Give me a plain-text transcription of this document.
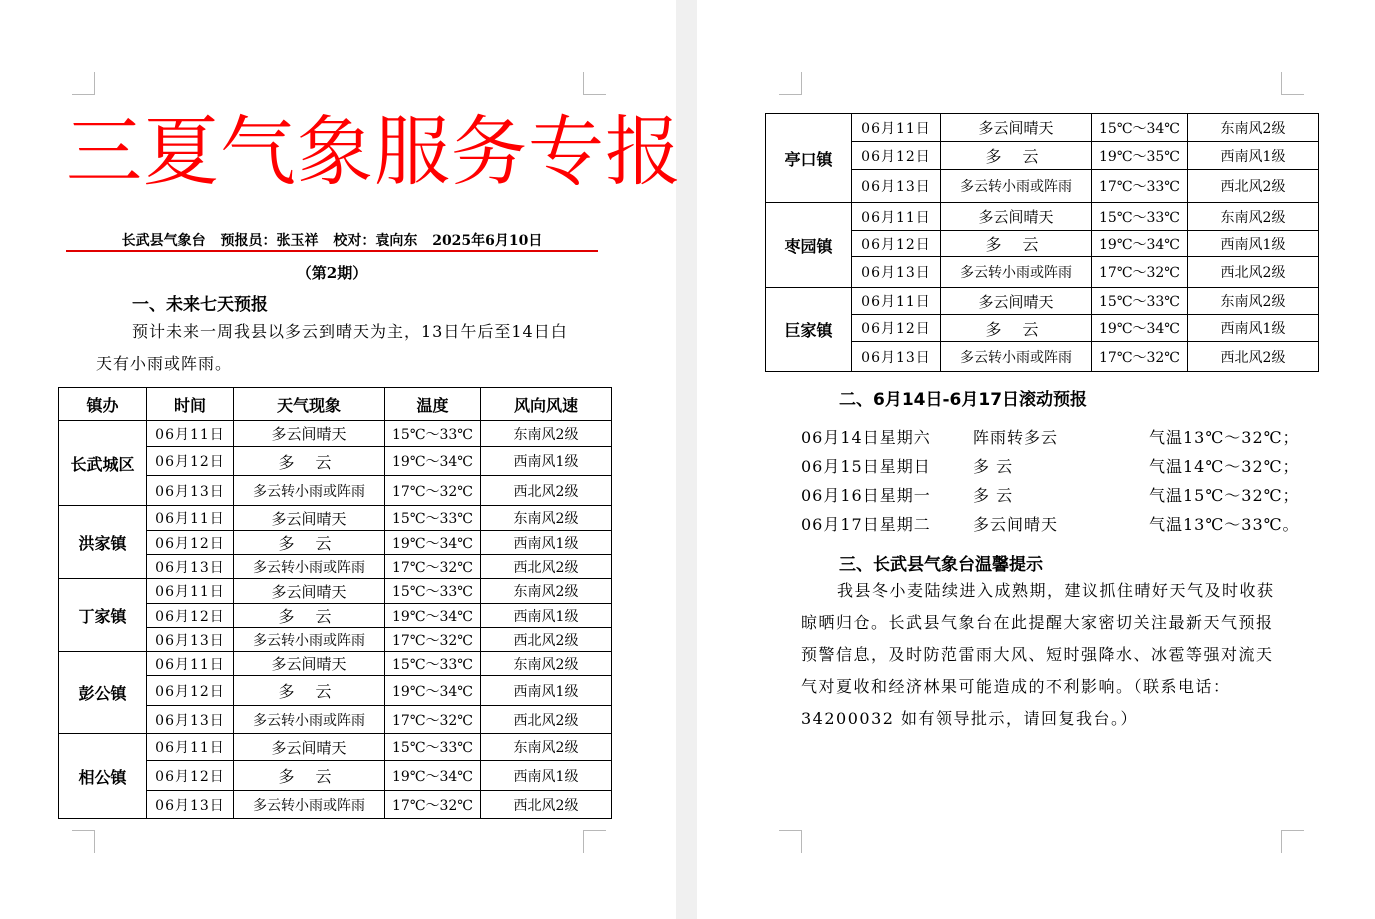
三夏气象服务专报
长武县气象台 预报员：张玉祥 校对：袁向东 2025年6月10日
（第2期）
一、未来七天预报
预计未来一周我县以多云到晴天为主，13日午后至14日白天有小雨或阵雨。
镇办	时间	天气现象	温度	风向风速
长武城区	06月11日	多云间晴天	15℃～33℃	东南风2级
	06月12日	多 云	19℃～34℃	西南风1级
	06月13日	多云转小雨或阵雨	17℃～32℃	西北风2级
洪家镇	06月11日	多云间晴天	15℃～33℃	东南风2级
	06月12日	多 云	19℃～34℃	西南风1级
	06月13日	多云转小雨或阵雨	17℃～32℃	西北风2级
丁家镇	06月11日	多云间晴天	15℃～33℃	东南风2级
	06月12日	多 云	19℃～34℃	西南风1级
	06月13日	多云转小雨或阵雨	17℃～32℃	西北风2级
彭公镇	06月11日	多云间晴天	15℃～33℃	东南风2级
	06月12日	多 云	19℃～34℃	西南风1级
	06月13日	多云转小雨或阵雨	17℃～32℃	西北风2级
相公镇	06月11日	多云间晴天	15℃～33℃	东南风2级
	06月12日	多 云	19℃～34℃	西南风1级
	06月13日	多云转小雨或阵雨	17℃～32℃	西北风2级
亭口镇	06月11日	多云间晴天	15℃～34℃	东南风2级
	06月12日	多 云	19℃～35℃	西南风1级
	06月13日	多云转小雨或阵雨	17℃～33℃	西北风2级
枣园镇	06月11日	多云间晴天	15℃～33℃	东南风2级
	06月12日	多 云	19℃～34℃	西南风1级
	06月13日	多云转小雨或阵雨	17℃～32℃	西北风2级
巨家镇	06月11日	多云间晴天	15℃～33℃	东南风2级
	06月12日	多 云	19℃～34℃	西南风1级
	06月13日	多云转小雨或阵雨	17℃～32℃	西北风2级
二、6月14日-6月17日滚动预报
06月14日星期六	阵雨转多云	气温13℃～32℃；
06月15日星期日	多 云	气温14℃～32℃；
06月16日星期一	多 云	气温15℃～32℃；
06月17日星期二	多云间晴天	气温13℃～33℃。
三、长武县气象台温馨提示
我县冬小麦陆续进入成熟期，建议抓住晴好天气及时收获晾晒归仓。长武县气象台在此提醒大家密切关注最新天气预报预警信息，及时防范雷雨大风、短时强降水、冰雹等强对流天气对夏收和经济林果可能造成的不利影响。（联系电话：34200032 如有领导批示，请回复我台。）
